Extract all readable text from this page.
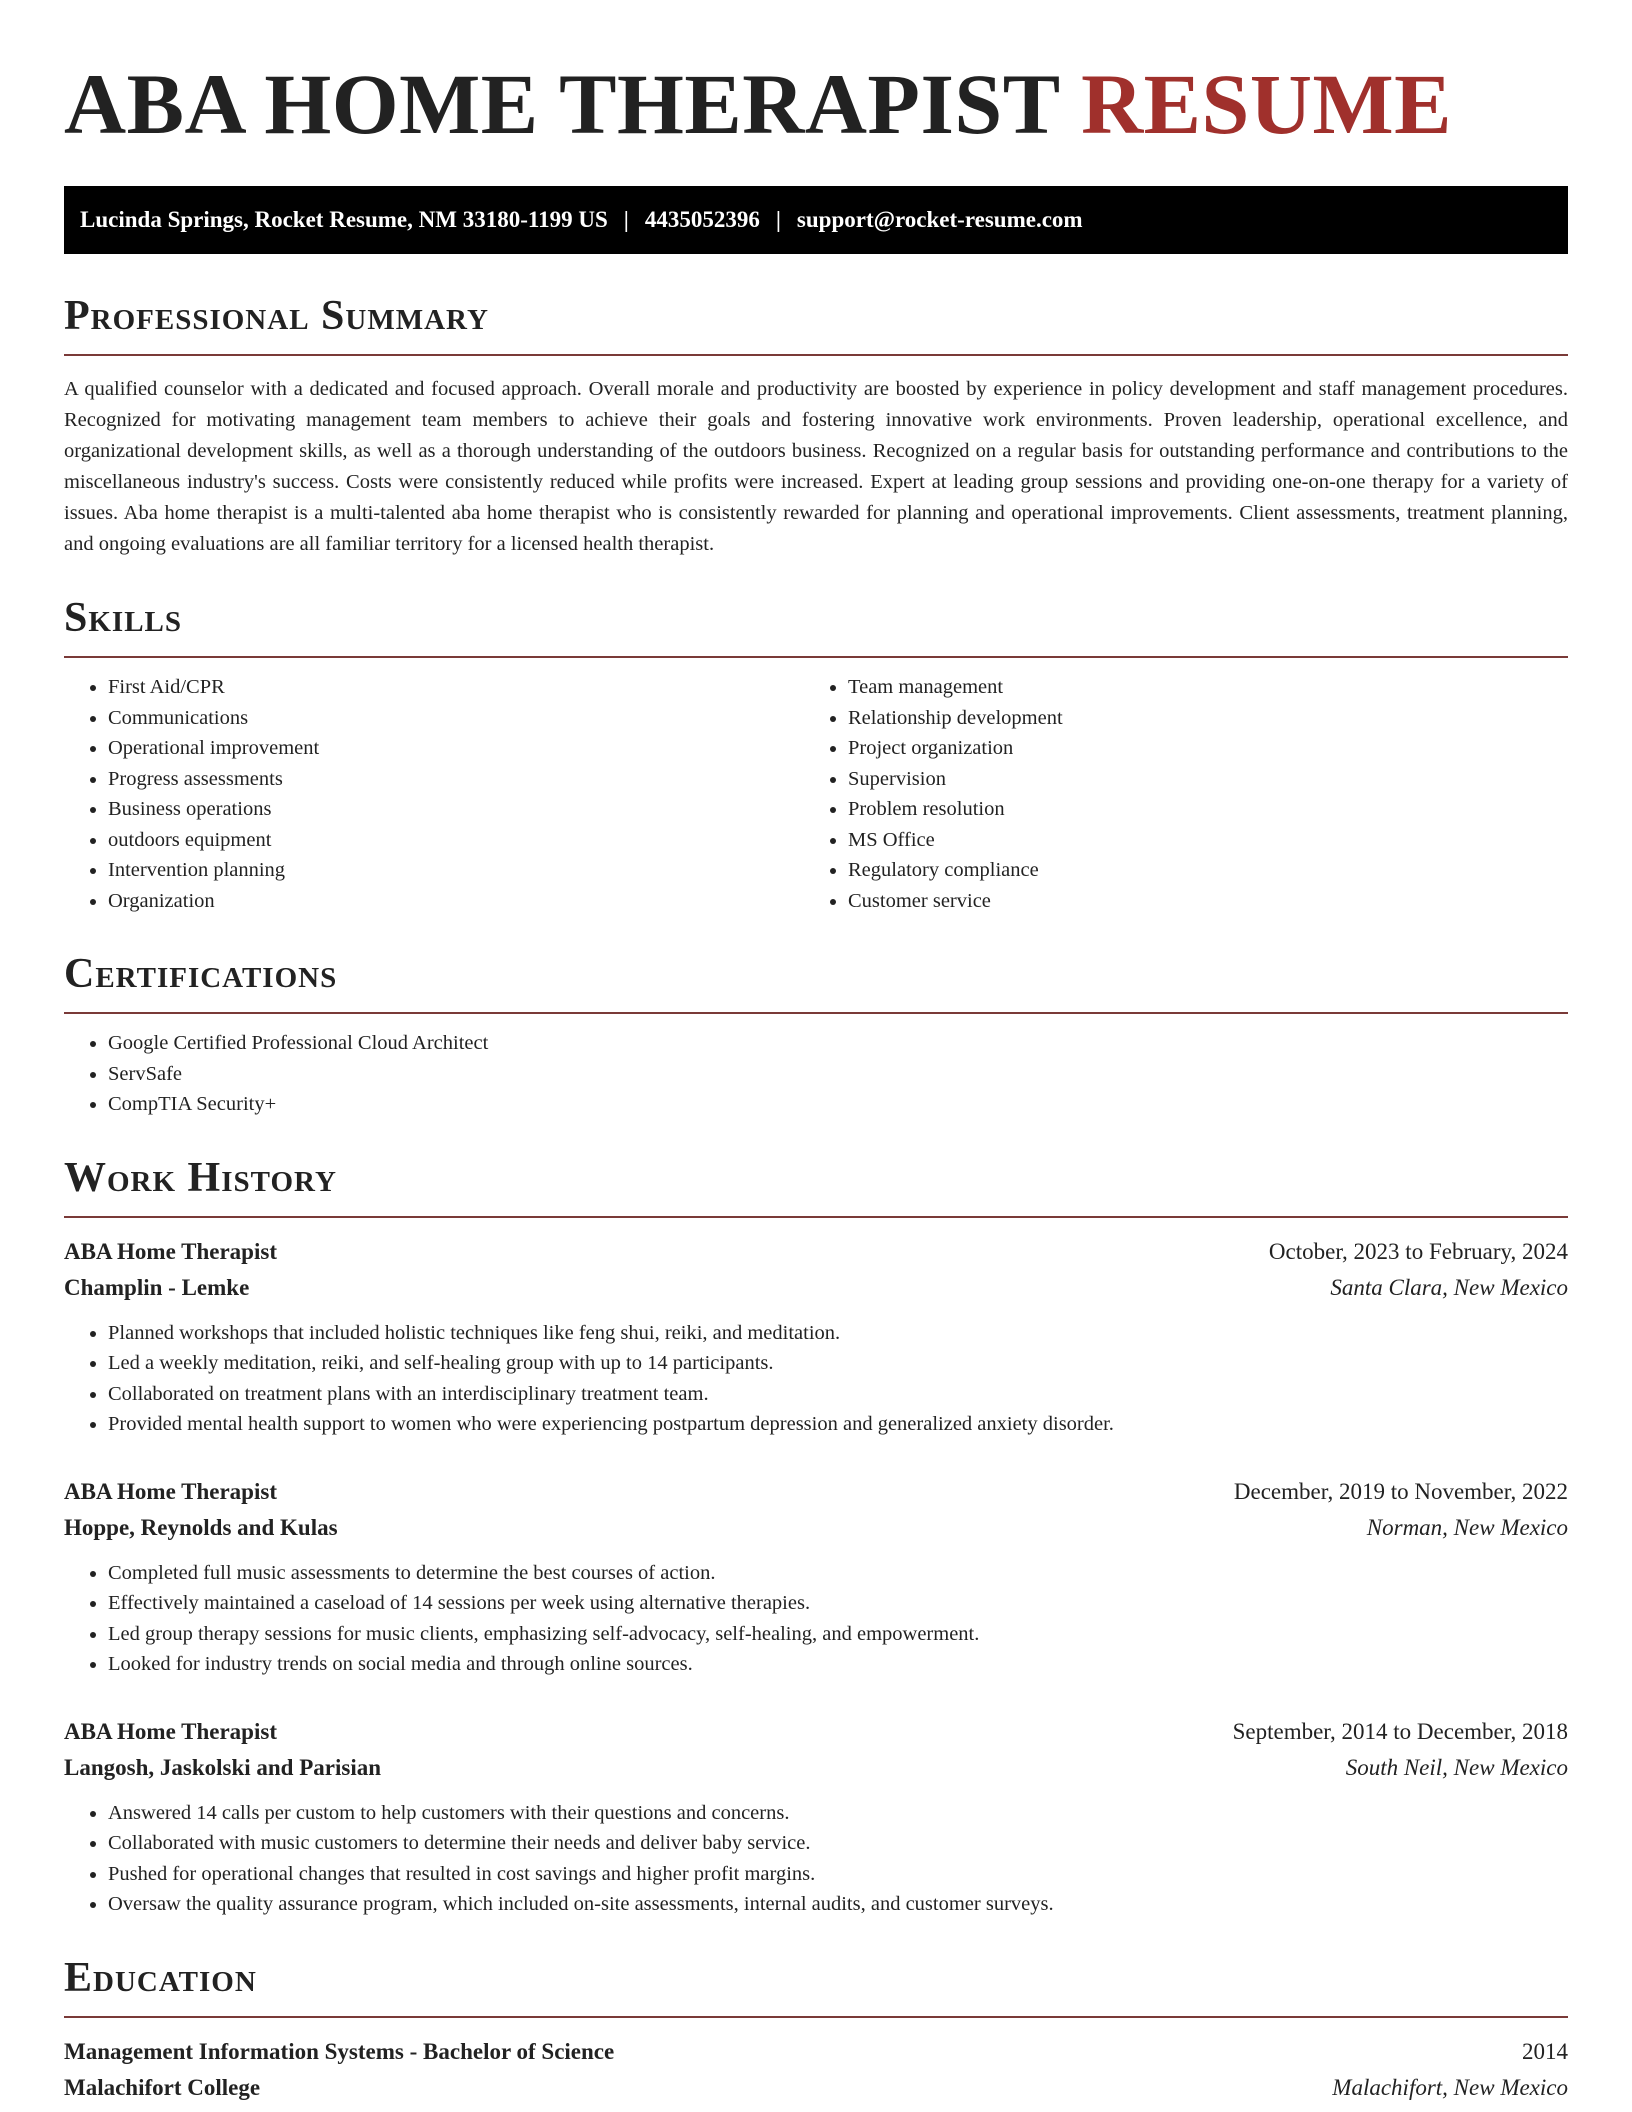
ABA HOME THERAPIST RESUME
Lucinda Springs, Rocket Resume, NM 33180-1199 US | 4435052396 | support@rocket-resume.com
Professional Summary

A qualified counselor with a dedicated and focused approach. Overall morale and productivity are boosted by experience in policy development and staff management procedures. Recognized for motivating management team members to achieve their goals and fostering innovative work environments. Proven leadership, operational excellence, and organizational development skills, as well as a thorough understanding of the outdoors business. Recognized on a regular basis for outstanding performance and contributions to the miscellaneous industry's success. Costs were consistently reduced while profits were increased. Expert at leading group sessions and providing one-on-one therapy for a variety of issues. Aba home therapist is a multi-talented aba home therapist who is consistently rewarded for planning and operational improvements. Client assessments, treatment planning, and ongoing evaluations are all familiar territory for a licensed health therapist.

Skills
• First Aid/CPR
• Communications
• Operational improvement
• Progress assessments
• Business operations
• outdoors equipment
• Intervention planning
• Organization
• Team management
• Relationship development
• Project organization
• Supervision
• Problem resolution
• MS Office
• Regulatory compliance
• Customer service
Certifications
• Google Certified Professional Cloud Architect
• ServSafe
• CompTIA Security+
Work History
ABA Home Therapist	October, 2023 to February, 2024
Champlin - Lemke	Santa Clara, New Mexico
• Planned workshops that included holistic techniques like feng shui, reiki, and meditation.
• Led a weekly meditation, reiki, and self-healing group with up to 14 participants.
• Collaborated on treatment plans with an interdisciplinary treatment team.
• Provided mental health support to women who were experiencing postpartum depression and generalized anxiety disorder.
ABA Home Therapist	December, 2019 to November, 2022
Hoppe, Reynolds and Kulas	Norman, New Mexico
• Completed full music assessments to determine the best courses of action.
• Effectively maintained a caseload of 14 sessions per week using alternative therapies.
• Led group therapy sessions for music clients, emphasizing self-advocacy, self-healing, and empowerment.
• Looked for industry trends on social media and through online sources.
ABA Home Therapist	September, 2014 to December, 2018
Langosh, Jaskolski and Parisian	South Neil, New Mexico
• Answered 14 calls per custom to help customers with their questions and concerns.
• Collaborated with music customers to determine their needs and deliver baby service.
• Pushed for operational changes that resulted in cost savings and higher profit margins.
• Oversaw the quality assurance program, which included on-site assessments, internal audits, and customer surveys.
Education
Management Information Systems - Bachelor of Science	2014
Malachifort College	Malachifort, New Mexico
